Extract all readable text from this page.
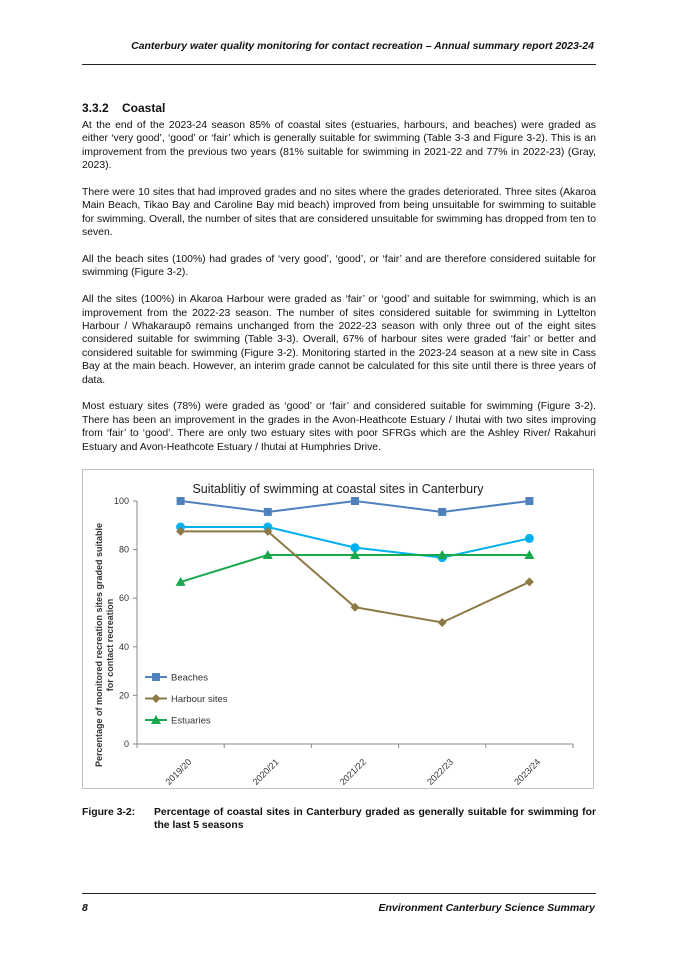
Canterbury water quality monitoring for contact recreation – Annual summary report 2023-24
3.3.2 Coastal

At the end of the 2023-24 season 85% of coastal sites (estuaries, harbours, and beaches) were graded as either ‘very good’, ‘good’ or ‘fair’ which is generally suitable for swimming (Table 3-3 and Figure 3-2). This is an improvement from the previous two years (81% suitable for swimming in 2021-22 and 77% in 2022-23) (Gray, 2023).

There were 10 sites that had improved grades and no sites where the grades deteriorated. Three sites (Akaroa Main Beach, Tikao Bay and Caroline Bay mid beach) improved from being unsuitable for swimming to suitable for swimming. Overall, the number of sites that are considered unsuitable for swimming has dropped from ten to seven.

All the beach sites (100%) had grades of ‘very good’, ‘good’, or ‘fair’ and are therefore considered suitable for swimming (Figure 3-2).

All the sites (100%) in Akaroa Harbour were graded as ‘fair’ or ‘good’ and suitable for swimming, which is an improvement from the 2022-23 season. The number of sites considered suitable for swimming in Lyttelton Harbour / Whakaraupō remains unchanged from the 2022-23 season with only three out of the eight sites considered suitable for swimming (Table 3-3). Overall, 67% of harbour sites were graded ‘fair’ or better and considered suitable for swimming (Figure 3-2). Monitoring started in the 2023-24 season at a new site in Cass Bay at the main beach. However, an interim grade cannot be calculated for this site until there is three years of data.

Most estuary sites (78%) were graded as ‘good’ or ‘fair’ and considered suitable for swimming (Figure 3-2). There has been an improvement in the grades in the Avon-Heathcote Estuary / Ihutai with two sites improving from ‘fair’ to ‘good’. There are only two estuary sites with poor SFRGs which are the Ashley River/ Rakahuri Estuary and Avon-Heathcote Estuary / Ihutai at Humphries Drive.

Suitablitiy of swimming at coastal sites in Canterbury
Percentage of monitored recreation sites graded suitable for contact recreation
0
20
40
60
80
100
2019/20	2020/21	2021/22	2022/23	2023/24
Beaches
Harbour sites
Estuaries
Figure 3-2: Percentage of coastal sites in Canterbury graded as generally suitable for swimming for the last 5 seasons
8	Environment Canterbury Science Summary
